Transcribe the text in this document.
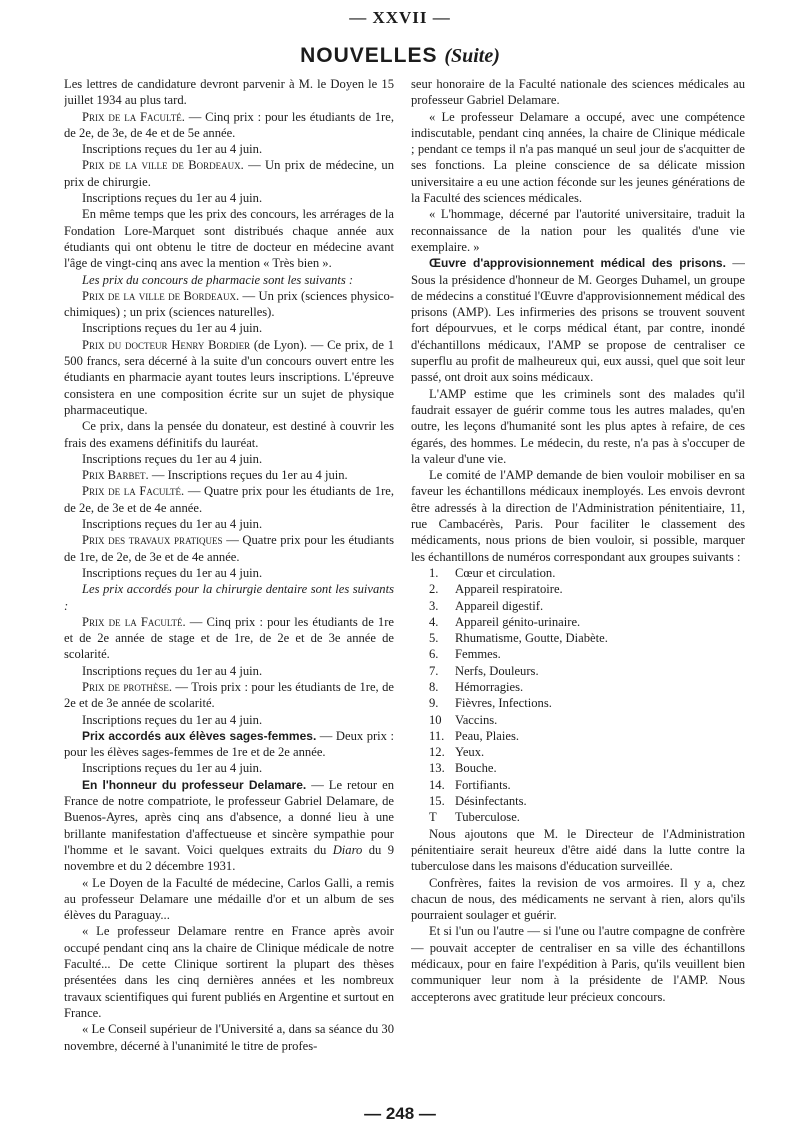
— XXVII —
NOUVELLES (Suite)

Les lettres de candidature devront parvenir à M. le Doyen le 15 juillet 1934 au plus tard.

Prix de la Faculté. — Cinq prix : pour les étudiants de 1re, de 2e, de 3e, de 4e et de 5e année.

Inscriptions reçues du 1er au 4 juin.

Prix de la ville de Bordeaux. — Un prix de médecine, un prix de chirurgie.

Inscriptions reçues du 1er au 4 juin.

En même temps que les prix des concours, les arrérages de la Fondation Lore-Marquet sont distribués chaque année aux étudiants qui ont obtenu le titre de docteur en médecine avant l'âge de vingt-cinq ans avec la mention « Très bien ».

Les prix du concours de pharmacie sont les suivants :

Prix de la ville de Bordeaux. — Un prix (sciences physico-chimiques) ; un prix (sciences naturelles).

Inscriptions reçues du 1er au 4 juin.

Prix du docteur Henry Bordier (de Lyon). — Ce prix, de 1 500 francs, sera décerné à la suite d'un concours ouvert entre les étudiants en pharmacie ayant toutes leurs inscriptions. L'épreuve consistera en une composition écrite sur un sujet de physique pharmaceutique.

Ce prix, dans la pensée du donateur, est destiné à couvrir les frais des examens définitifs du lauréat.

Inscriptions reçues du 1er au 4 juin.

Prix Barbet. — Inscriptions reçues du 1er au 4 juin.

Prix de la Faculté. — Quatre prix pour les étudiants de 1re, de 2e, de 3e et de 4e année.

Inscriptions reçues du 1er au 4 juin.

Prix des travaux pratiques — Quatre prix pour les étudiants de 1re, de 2e, de 3e et de 4e année.

Inscriptions reçues du 1er au 4 juin.

Les prix accordés pour la chirurgie dentaire sont les suivants :

Prix de la Faculté. — Cinq prix : pour les étudiants de 1re et de 2e année de stage et de 1re, de 2e et de 3e année de scolarité.

Inscriptions reçues du 1er au 4 juin.

Prix de prothèse. — Trois prix : pour les étudiants de 1re, de 2e et de 3e année de scolarité.

Inscriptions reçues du 1er au 4 juin.

Prix accordés aux élèves sages-femmes. — Deux prix : pour les élèves sages-femmes de 1re et de 2e année.

Inscriptions reçues du 1er au 4 juin.

En l'honneur du professeur Delamare. — Le retour en France de notre compatriote, le professeur Gabriel Delamare, de Buenos-Ayres, après cinq ans d'absence, a donné lieu à une brillante manifestation d'affectueuse et sincère sympathie pour l'homme et le savant. Voici quelques extraits du Diaro du 9 novembre et du 2 décembre 1931.

« Le Doyen de la Faculté de médecine, Carlos Galli, a remis au professeur Delamare une médaille d'or et un album de ses élèves du Paraguay...

« Le professeur Delamare rentre en France après avoir occupé pendant cinq ans la chaire de Clinique médicale de notre Faculté... De cette Clinique sortirent la plupart des thèses présentées dans les cinq dernières années et les nombreux travaux scientifiques qui furent publiés en Argentine et surtout en France.

« Le Conseil supérieur de l'Université a, dans sa séance du 30 novembre, décerné à l'unanimité le titre de profes-

seur honoraire de la Faculté nationale des sciences médicales au professeur Gabriel Delamare.

« Le professeur Delamare a occupé, avec une compétence indiscutable, pendant cinq années, la chaire de Clinique médicale ; pendant ce temps il n'a pas manqué un seul jour de s'acquitter de ses fonctions. La pleine conscience de sa délicate mission universitaire a eu une action féconde sur les jeunes générations de la Faculté des sciences médicales.

« L'hommage, décerné par l'autorité universitaire, traduit la reconnaissance de la nation pour les qualités d'une vie exemplaire. »

Œuvre d'approvisionnement médical des prisons. — Sous la présidence d'honneur de M. Georges Duhamel, un groupe de médecins a constitué l'Œuvre d'approvisionnement médical des prisons (AMP). Les infirmeries des prisons se trouvent souvent fort dépourvues, et le corps médical étant, par contre, inondé d'échantillons médicaux, l'AMP se propose de centraliser ce superflu au profit de malheureux qui, eux aussi, quel que soit leur passé, ont droit aux soins médicaux.

L'AMP estime que les criminels sont des malades qu'il faudrait essayer de guérir comme tous les autres malades, qu'en outre, les leçons d'humanité sont les plus aptes à refaire, de ces égarés, des hommes. Le médecin, du reste, n'a pas à s'occuper de la valeur d'une vie.

Le comité de l'AMP demande de bien vouloir mobiliser en sa faveur les échantillons médicaux inemployés. Les envois devront être adressés à la direction de l'Administration pénitentiaire, 11, rue Cambacérès, Paris. Pour faciliter le classement des médicaments, nous prions de bien vouloir, si possible, marquer les échantillons de numéros correspondant aux groupes suivants :

1.	Cœur et circulation.
2.	Appareil respiratoire.
3.	Appareil digestif.
4.	Appareil génito-urinaire.
5.	Rhumatisme, Goutte, Diabète.
6.	Femmes.
7.	Nerfs, Douleurs.
8.	Hémorragies.
9.	Fièvres, Infections.
10	Vaccins.
11. Peau, Plaies.
12. Yeux.
13. Bouche.
14. Fortifiants.
15. Désinfectants.
T	Tuberculose.

Nous ajoutons que M. le Directeur de l'Administration pénitentiaire serait heureux d'être aidé dans la lutte contre la tuberculose dans les maisons d'éducation surveillée.

Confrères, faites la revision de vos armoires. Il y a, chez chacun de nous, des médicaments ne servant à rien, alors qu'ils pourraient soulager et guérir.

Et si l'un ou l'autre — si l'une ou l'autre compagne de confrère — pouvait accepter de centraliser en sa ville des échantillons médicaux, pour en faire l'expédition à Paris, qu'ils veuillent bien communiquer leur nom à la présidente de l'AMP. Nous accepterons avec gratitude leur précieux concours.

— 248 —
